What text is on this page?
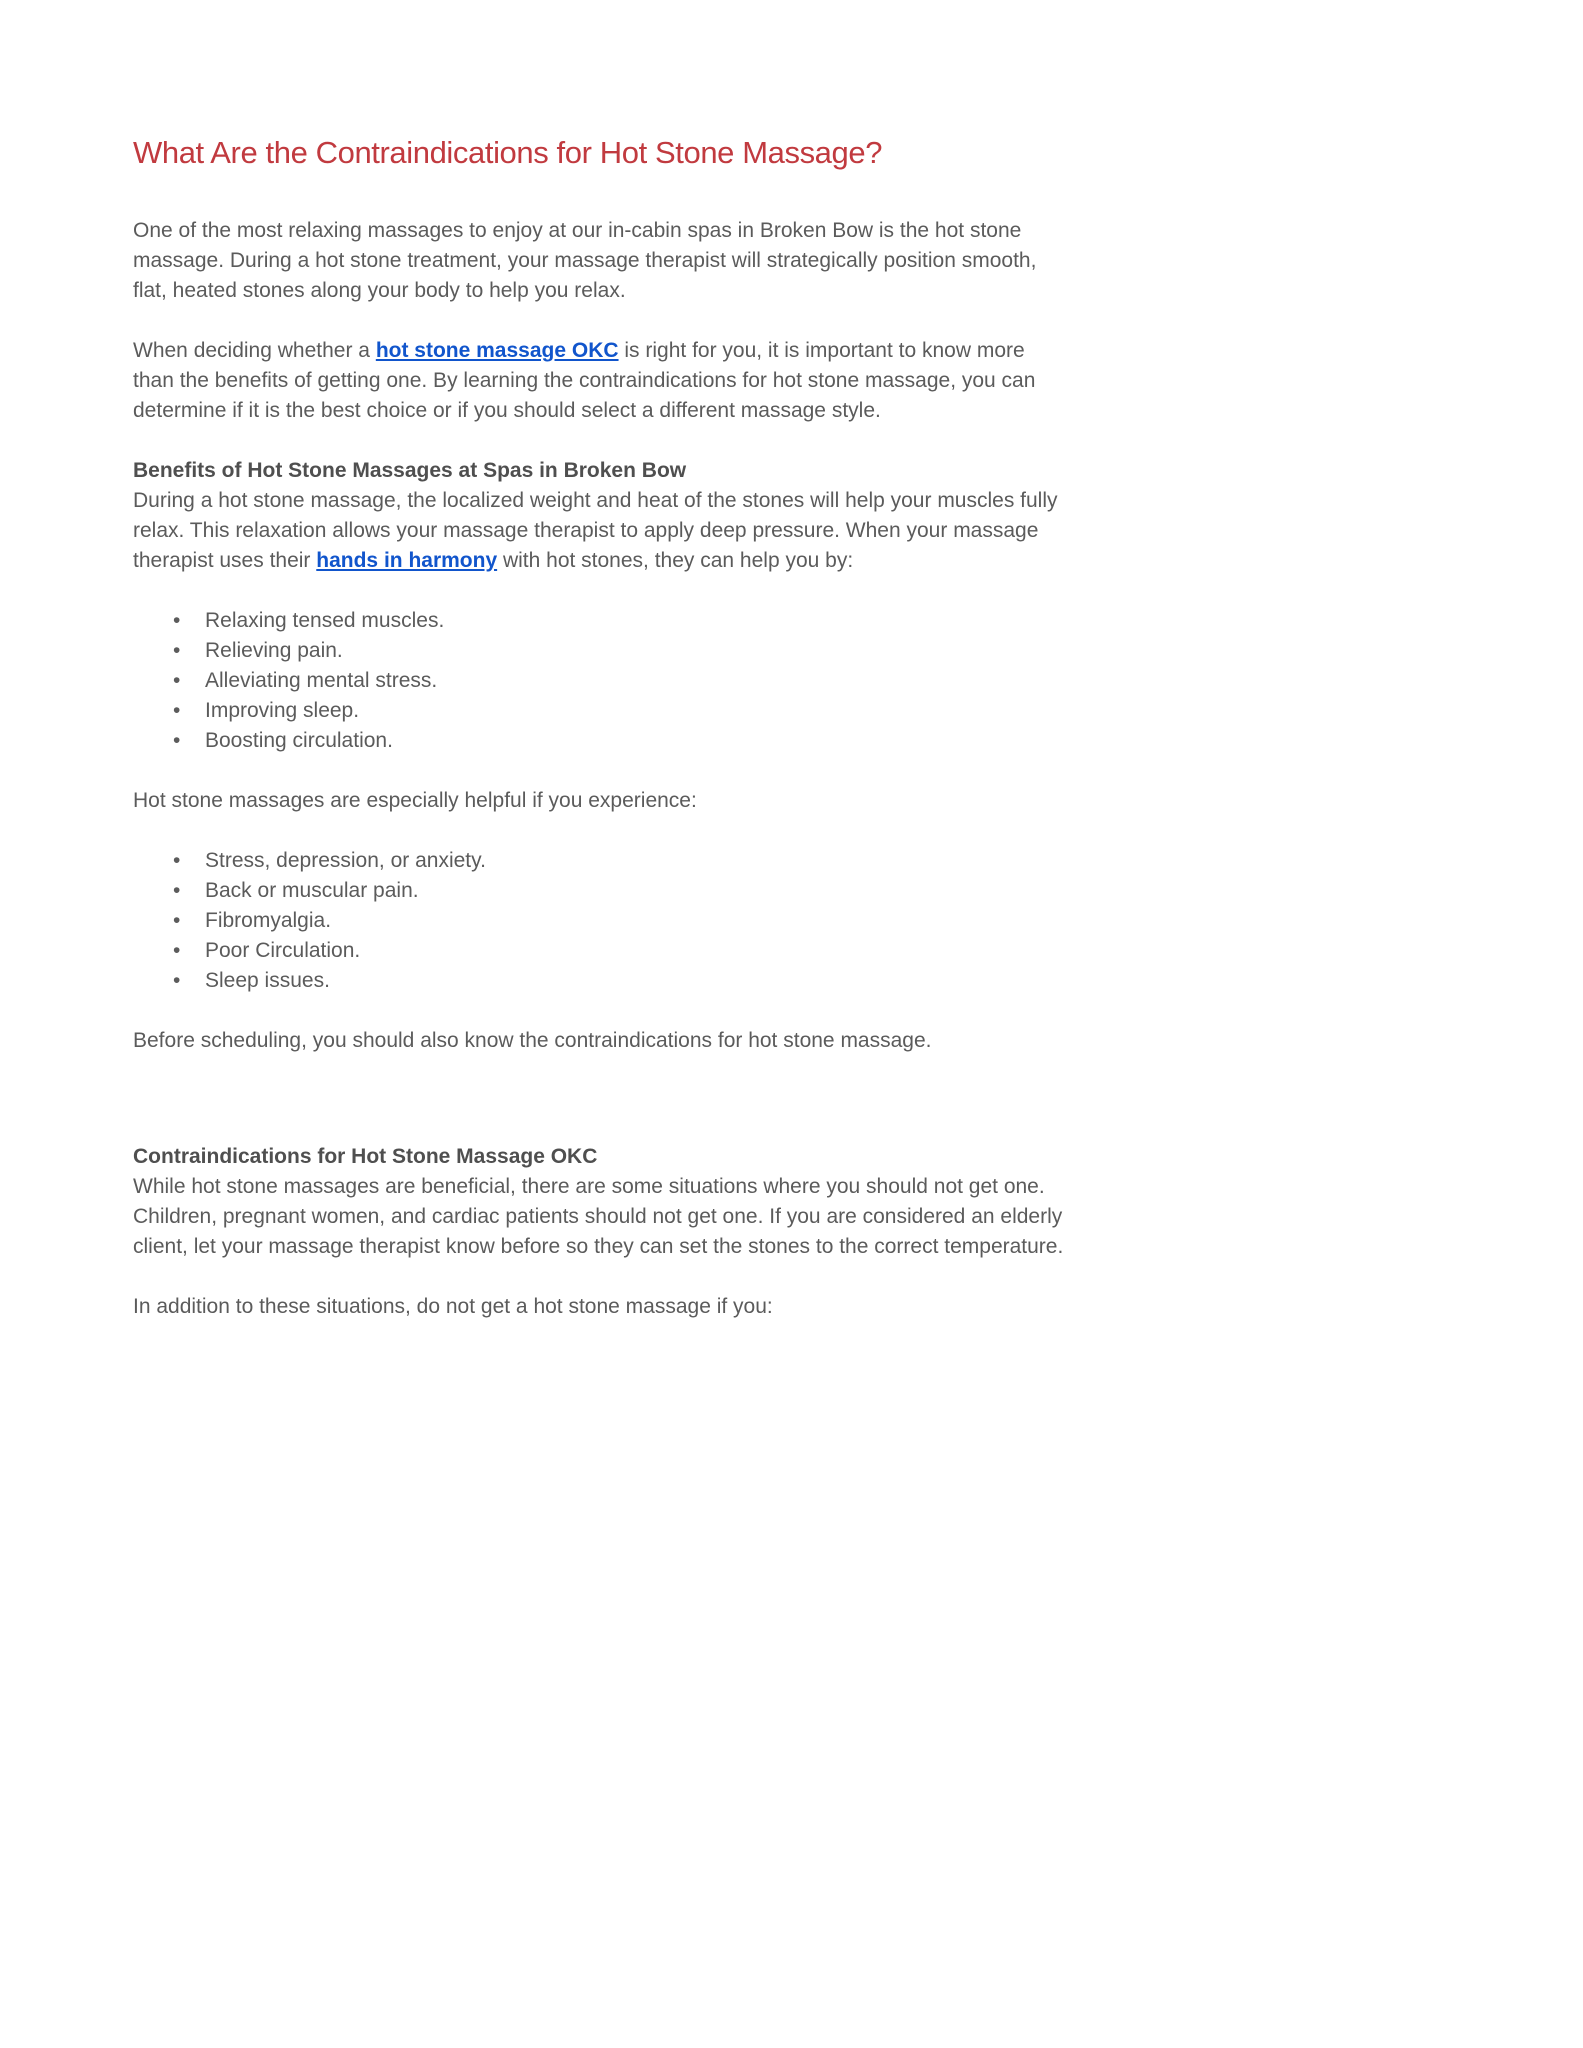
What Are the Contraindications for Hot Stone Massage?

One of the most relaxing massages to enjoy at our in-cabin spas in Broken Bow is the hot stone massage. During a hot stone treatment, your massage therapist will strategically position smooth, flat, heated stones along your body to help you relax.

When deciding whether a hot stone massage OKC is right for you, it is important to know more than the benefits of getting one. By learning the contraindications for hot stone massage, you can determine if it is the best choice or if you should select a different massage style.

Benefits of Hot Stone Massages at Spas in Broken Bow

During a hot stone massage, the localized weight and heat of the stones will help your muscles fully relax. This relaxation allows your massage therapist to apply deep pressure. When your massage therapist uses their hands in harmony with hot stones, they can help you by:

• Relaxing tensed muscles.
• Relieving pain.
• Alleviating mental stress.
• Improving sleep.
• Boosting circulation.

Hot stone massages are especially helpful if you experience:

• Stress, depression, or anxiety.
• Back or muscular pain.
• Fibromyalgia.
• Poor Circulation.
• Sleep issues.

Before scheduling, you should also know the contraindications for hot stone massage.

Contraindications for Hot Stone Massage OKC

While hot stone massages are beneficial, there are some situations where you should not get one. Children, pregnant women, and cardiac patients should not get one. If you are considered an elderly client, let your massage therapist know before so they can set the stones to the correct temperature.

In addition to these situations, do not get a hot stone massage if you:
